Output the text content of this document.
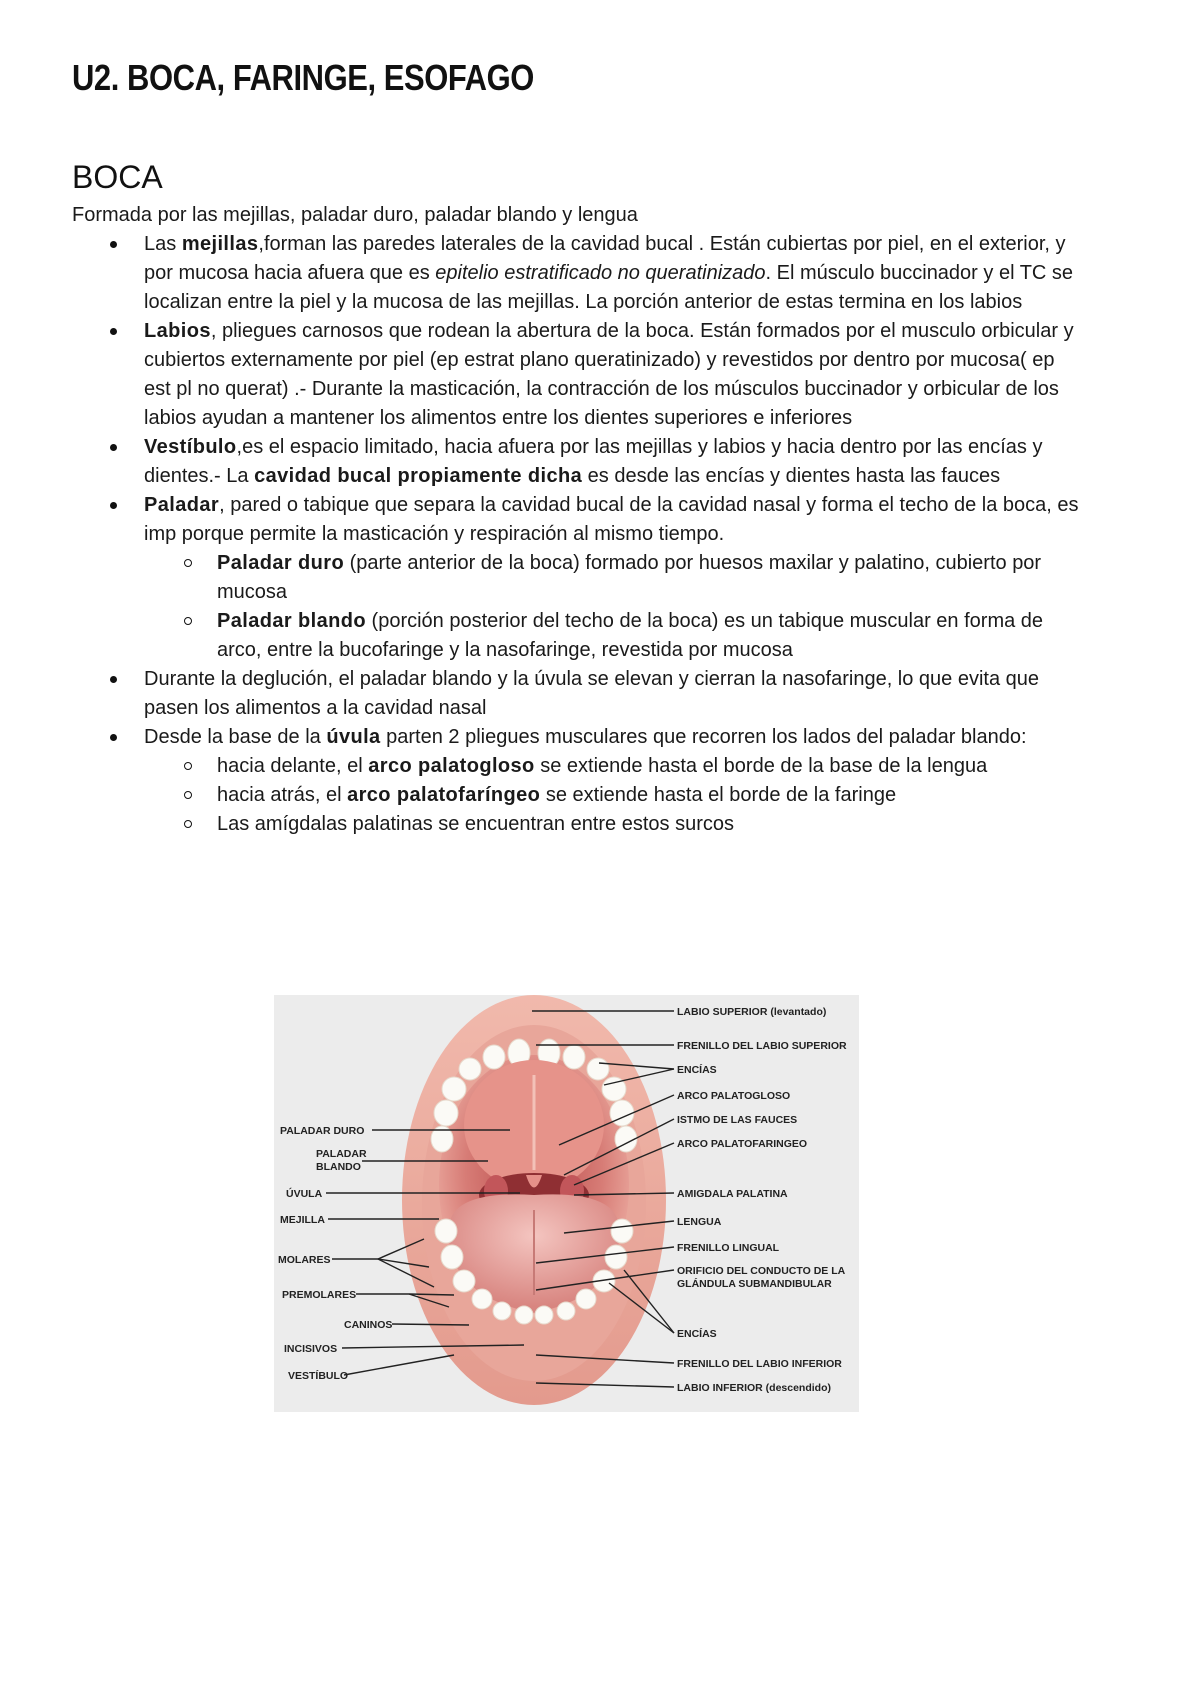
U2. BOCA, FARINGE, ESOFAGO
BOCA

Formada por las mejillas, paladar duro, paladar blando y lengua

Las mejillas,forman las paredes laterales de la cavidad bucal . Están cubiertas por piel, en el exterior, y por mucosa hacia afuera que es epitelio estratificado no queratinizado. El músculo buccinador y el TC se localizan entre la piel y la mucosa de las mejillas. La porción anterior de estas termina en los labios
Labios, pliegues carnosos que rodean la abertura de la boca. Están formados por el musculo orbicular y cubiertos externamente por piel (ep estrat plano queratinizado) y revestidos por dentro por mucosa( ep est pl no querat) .- Durante la masticación, la contracción de los músculos buccinador y orbicular de los labios ayudan a mantener los alimentos entre los dientes superiores e inferiores
Vestíbulo,es el espacio limitado, hacia afuera por las mejillas y labios y hacia dentro por las encías y dientes.- La cavidad bucal propiamente dicha es desde las encías y dientes hasta las fauces
Paladar, pared o tabique que separa la cavidad bucal de la cavidad nasal y forma el techo de la boca, es imp porque permite la masticación y respiración al mismo tiempo.
Paladar duro (parte anterior de la boca) formado por huesos maxilar y palatino, cubierto por mucosa
Paladar blando (porción posterior del techo de la boca) es un tabique muscular en forma de arco, entre la bucofaringe y la nasofaringe, revestida por mucosa
Durante la deglución, el paladar blando y la úvula se elevan y cierran la nasofaringe, lo que evita que pasen los alimentos a la cavidad nasal
Desde la base de la úvula parten 2 pliegues musculares que recorren los lados del paladar blando:
hacia delante, el arco palatogloso se extiende hasta el borde de la base de la lengua
hacia atrás, el arco palatofaríngeo se extiende hasta el borde de la faringe
Las amígdalas palatinas se encuentran entre estos surcos
LABIO SUPERIOR (levantado)
FRENILLO DEL LABIO SUPERIOR
ENCÍAS
ARCO PALATOGLOSO
ISTMO DE LAS FAUCES
ARCO PALATOFARINGEO
AMIGDALA PALATINA
LENGUA
FRENILLO LINGUAL
ORIFICIO DEL CONDUCTO DE LA
GLÁNDULA SUBMANDIBULAR
ENCÍAS
FRENILLO DEL LABIO INFERIOR
LABIO INFERIOR (descendido)
PALADAR DURO
PALADAR
BLANDO
ÚVULA
MEJILLA
MOLARES
PREMOLARES
CANINOS
INCISIVOS
VESTÍBULO
